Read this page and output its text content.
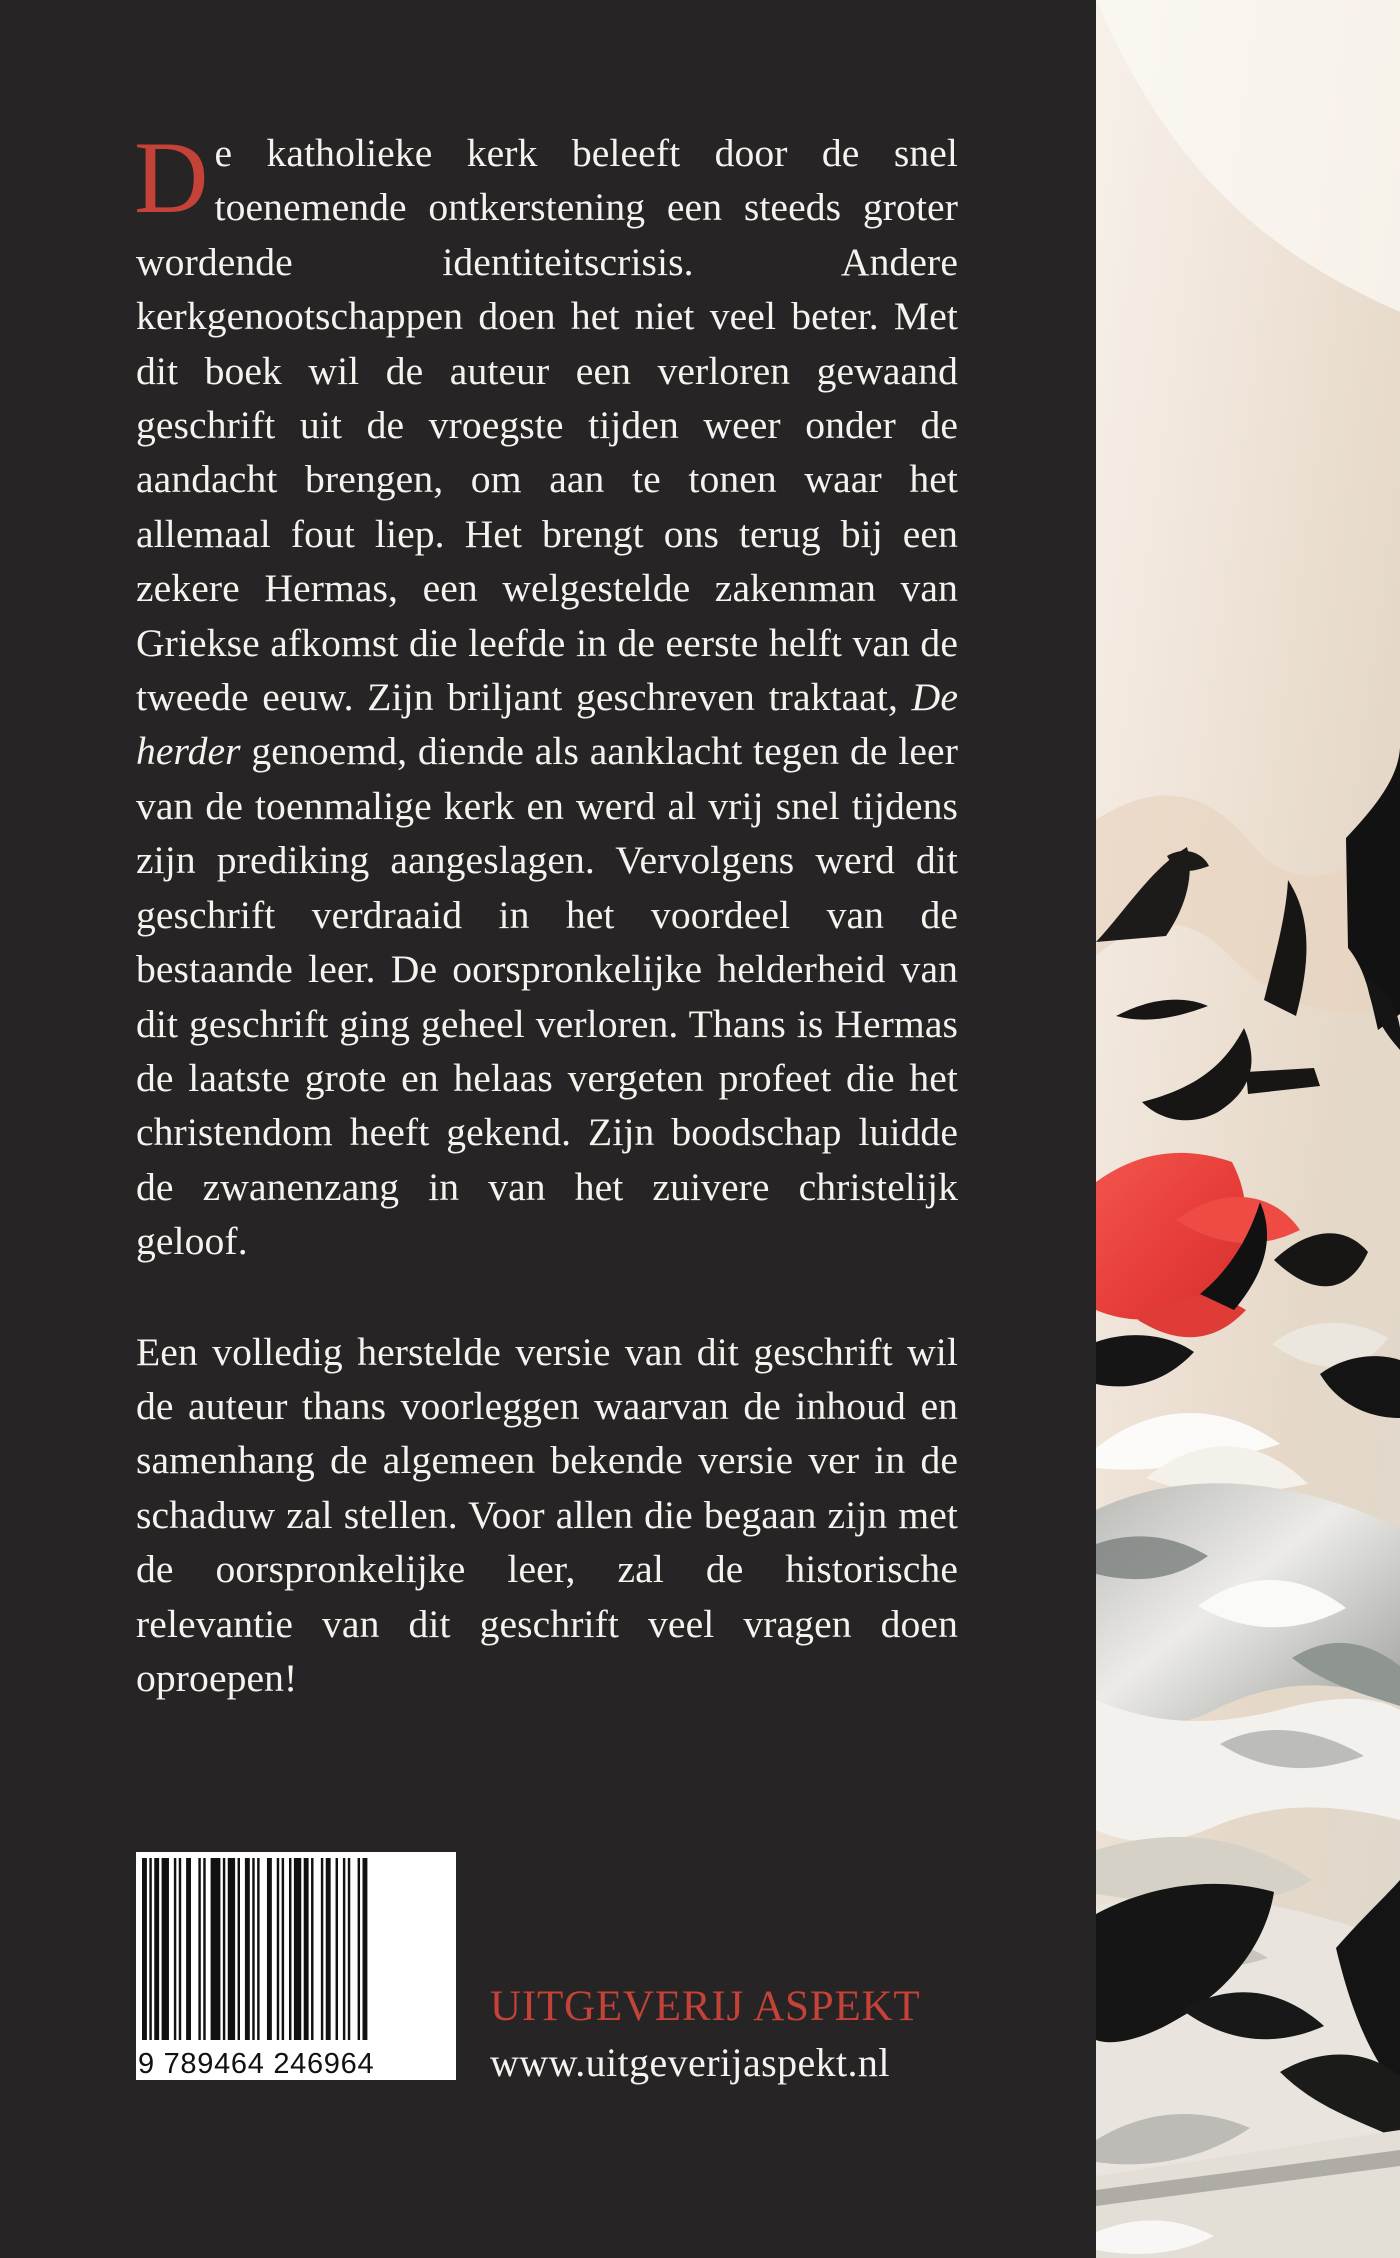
De katholieke kerk beleeft door de snel toenemende ontkerstening een steeds groter wordende identiteitscrisis. Andere kerkgenootschappen doen het niet veel beter. Met dit boek wil de auteur een verloren gewaand geschrift uit de vroegste tijden weer onder de aandacht brengen, om aan te tonen waar het allemaal fout liep. Het brengt ons terug bij een zekere Hermas, een welgestelde zakenman van Griekse afkomst die leefde in de eerste helft van de tweede eeuw. Zijn briljant geschreven traktaat, De herder genoemd, diende als aanklacht tegen de leer van de toenmalige kerk en werd al vrij snel tijdens zijn prediking aangeslagen. Vervolgens werd dit geschrift verdraaid in het voordeel van de bestaande leer. De oorspronkelijke helderheid van dit geschrift ging geheel verloren. Thans is Hermas de laatste grote en helaas vergeten profeet die het christendom heeft gekend. Zijn boodschap luidde de zwanenzang in van het zuivere christelijk geloof.

Een volledig herstelde versie van dit geschrift wil de auteur thans voorleggen waarvan de inhoud en samenhang de algemeen bekende versie ver in de schaduw zal stellen. Voor allen die begaan zijn met de oorspronkelijke leer, zal de historische relevantie van dit geschrift veel vragen doen oproepen!

9 789464 246964
UITGEVERIJ ASPEKT
www.uitgeverijaspekt.nl
